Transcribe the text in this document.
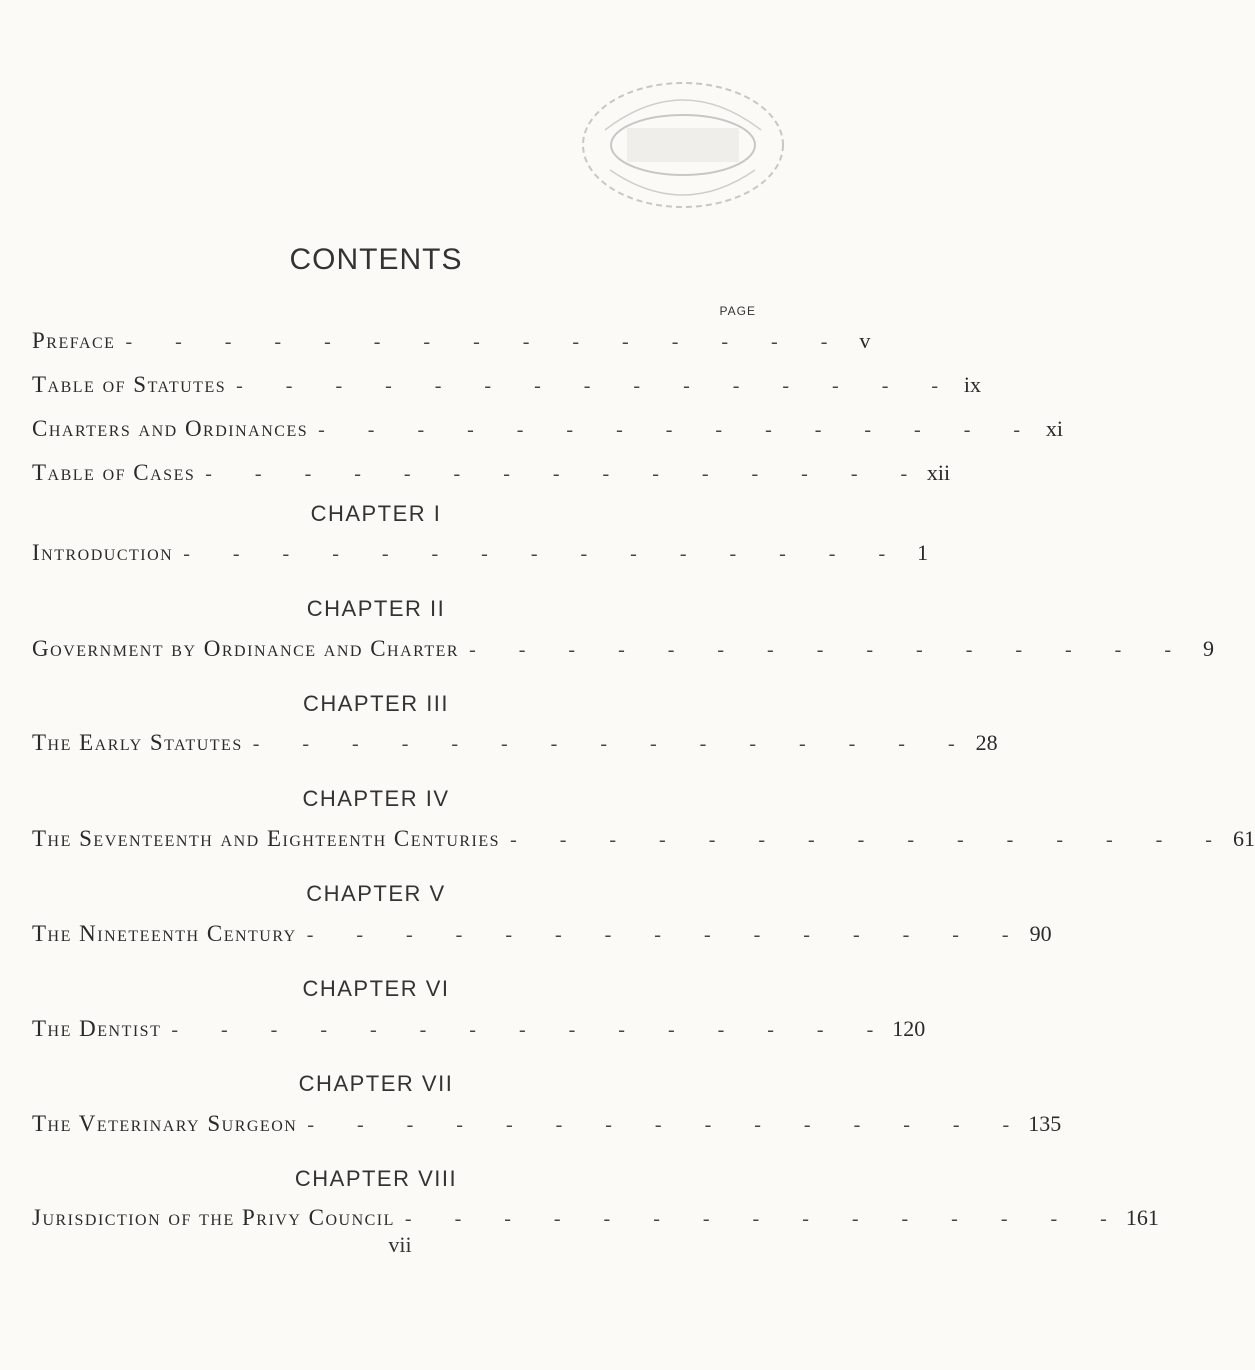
CONTENTS
PAGE
Preface - - - - - - - - - - - - - - - v
Table of Statutes - - - - - - - - - - - - - - - ix
Charters and Ordinances - - - - - - - - - - - - - - - xi
Table of Cases - - - - - - - - - - - - - - - xii
CHAPTER I
Introduction - - - - - - - - - - - - - - - 1
CHAPTER II
Government by Ordinance and Charter - - - - - - - - - - - - - - - 9
CHAPTER III
The Early Statutes - - - - - - - - - - - - - - - 28
CHAPTER IV
The Seventeenth and Eighteenth Centuries - - - - - - - - - - - - - - - 61
CHAPTER V
The Nineteenth Century - - - - - - - - - - - - - - - 90
CHAPTER VI
The Dentist - - - - - - - - - - - - - - - 120
CHAPTER VII
The Veterinary Surgeon - - - - - - - - - - - - - - - 135
CHAPTER VIII
Jurisdiction of the Privy Council - - - - - - - - - - - - - - - 161
vii
